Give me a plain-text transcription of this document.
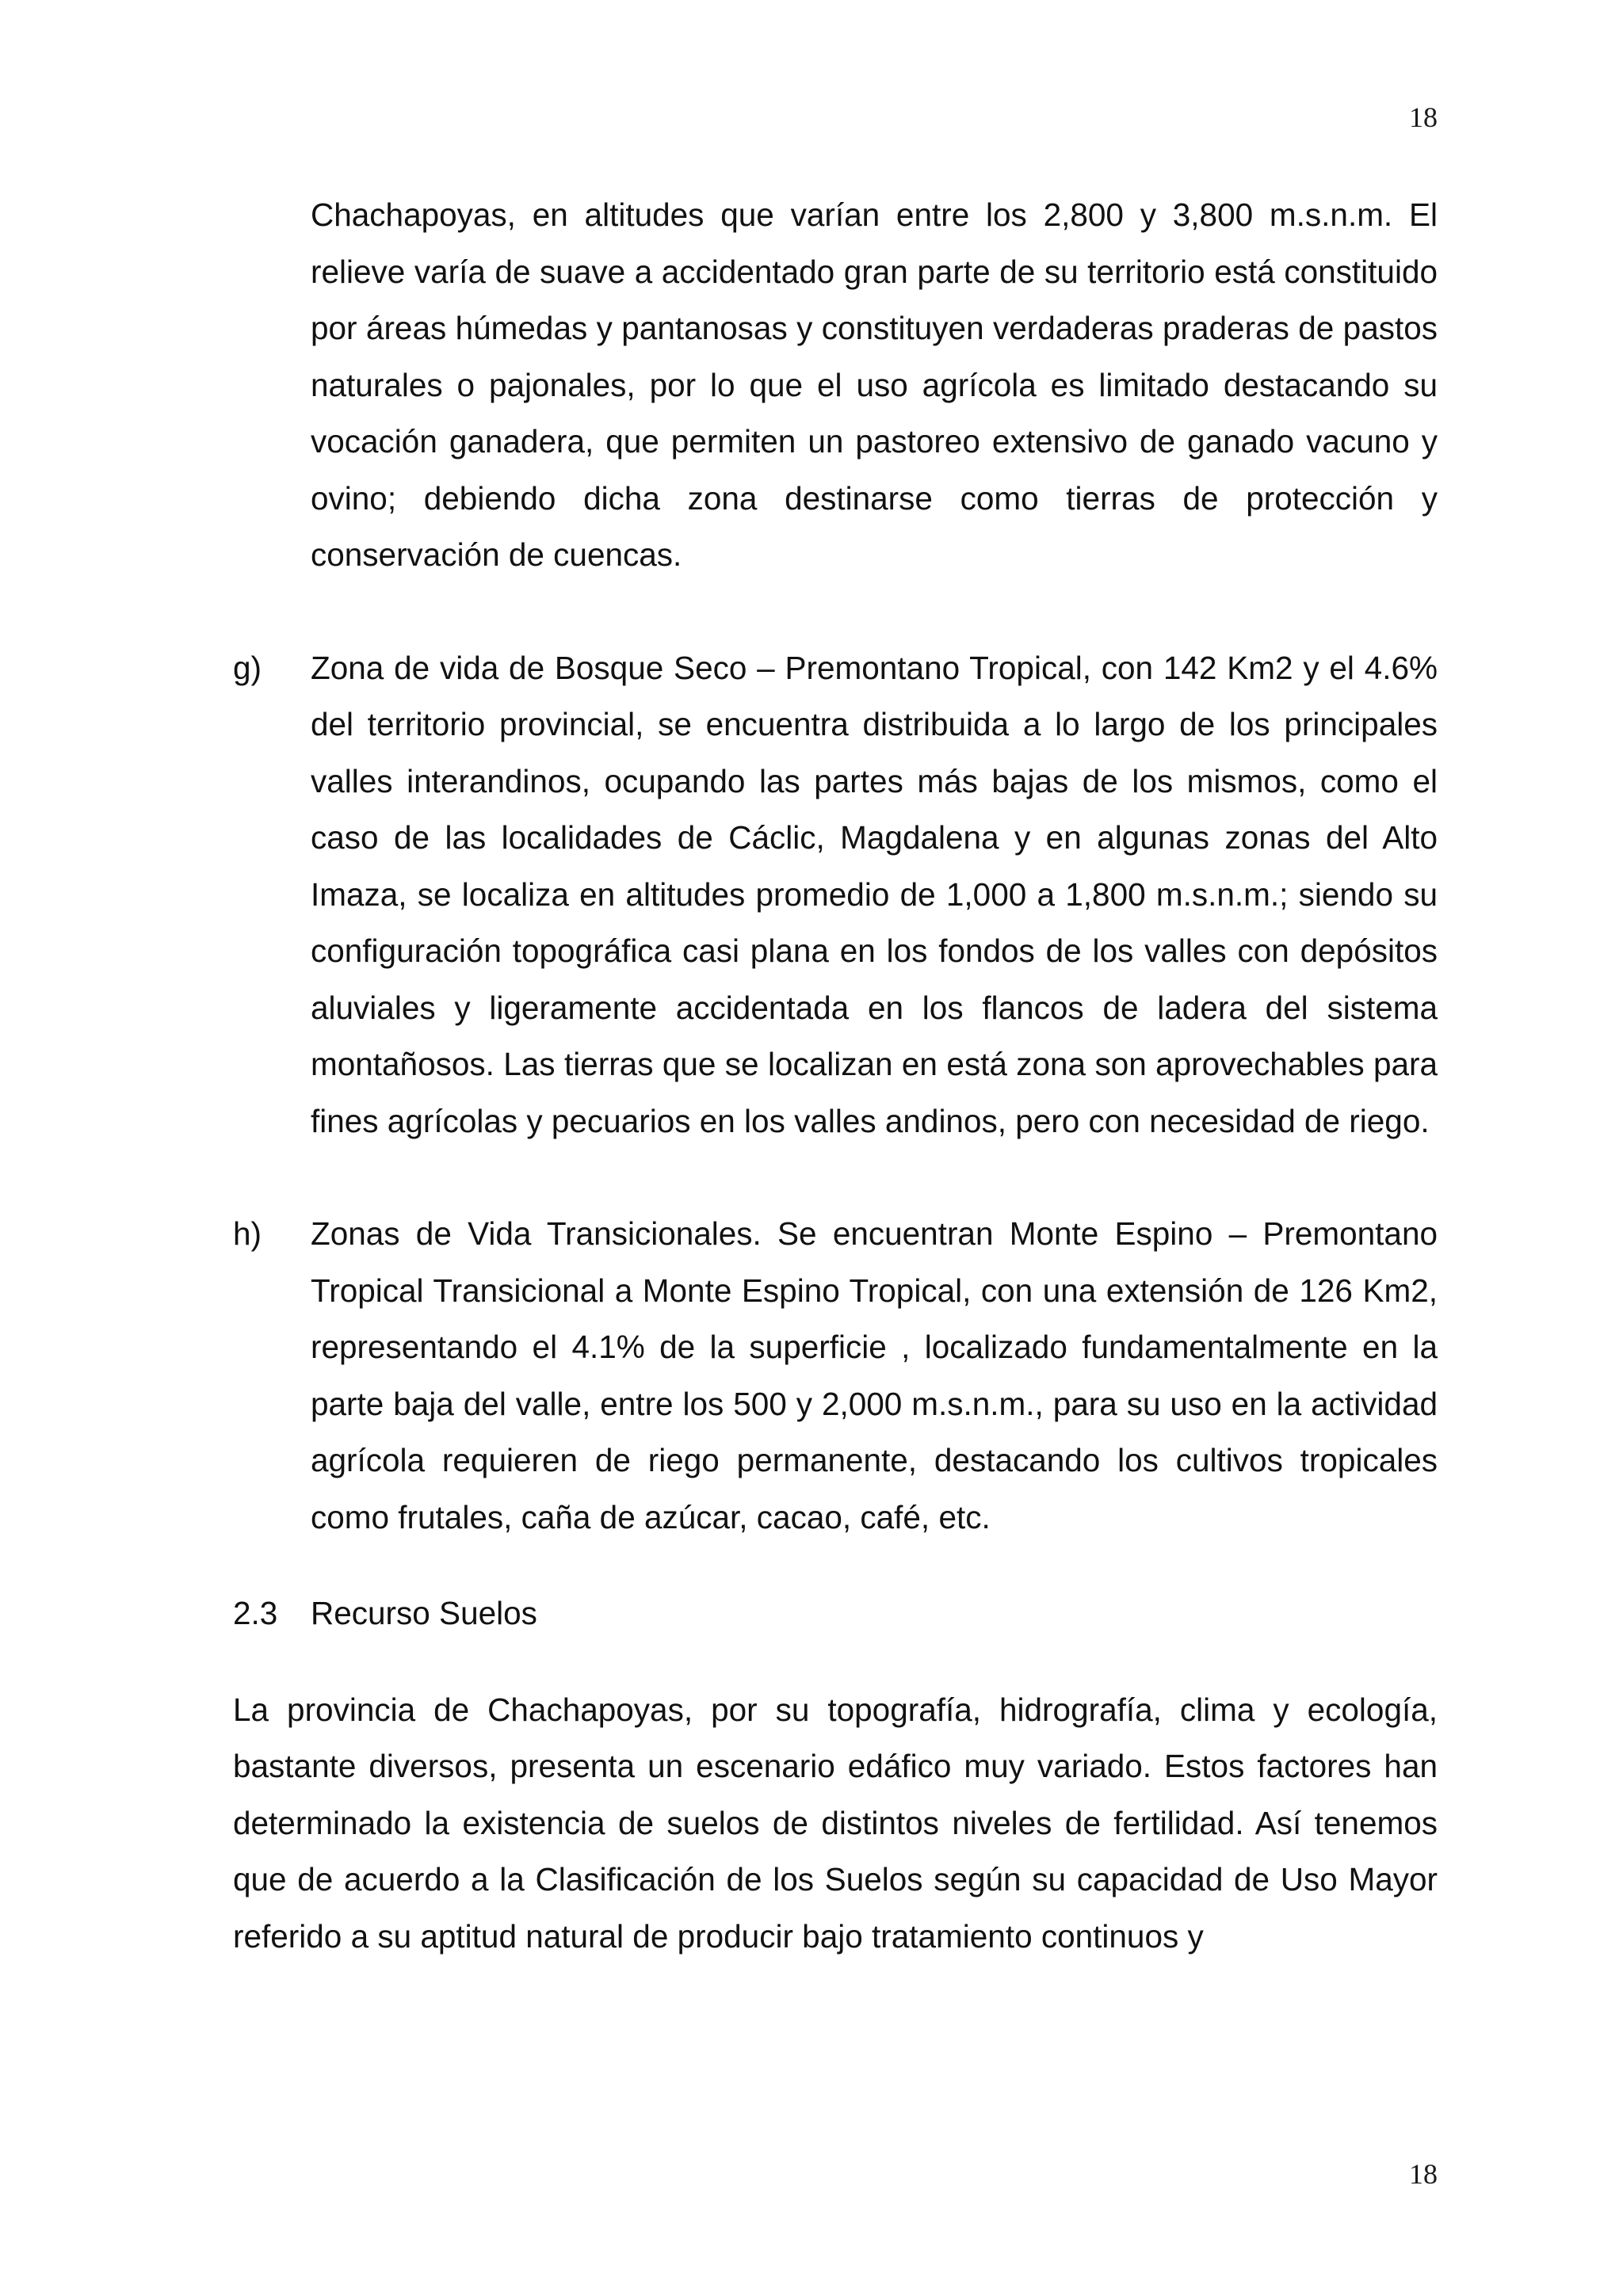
18

Chachapoyas, en altitudes que varían entre los 2,800 y 3,800 m.s.n.m. El relieve varía de suave a accidentado gran parte de su territorio está constituido por áreas húmedas y pantanosas y constituyen verdaderas praderas de pastos naturales o pajonales, por lo que el uso agrícola es limitado destacando su vocación ganadera, que permiten un pastoreo extensivo de ganado vacuno y ovino; debiendo dicha zona destinarse como tierras de protección y conservación de cuencas.

g)	Zona de vida de Bosque Seco – Premontano Tropical, con 142 Km2 y el 4.6% del territorio provincial, se encuentra distribuida a lo largo de los principales valles interandinos, ocupando las partes más bajas de los mismos, como el caso de las localidades de Cáclic, Magdalena y en algunas zonas del Alto Imaza, se localiza en altitudes promedio de 1,000 a 1,800 m.s.n.m.; siendo su configuración topográfica casi plana en los fondos de los valles con depósitos aluviales y ligeramente accidentada en los flancos de ladera del sistema montañosos. Las tierras que se localizan en está zona son aprovechables para fines agrícolas y pecuarios en los valles andinos, pero con necesidad de riego.

h)	Zonas de Vida Transicionales. Se encuentran Monte Espino – Premontano Tropical Transicional a Monte Espino Tropical, con una extensión de 126 Km2, representando el 4.1% de la superficie , localizado fundamentalmente en la parte baja del valle, entre los 500 y 2,000 m.s.n.m., para su uso en la actividad agrícola requieren de riego permanente, destacando los cultivos tropicales como frutales, caña de azúcar, cacao, café, etc.

2.3	Recurso Suelos

La provincia de Chachapoyas, por su topografía, hidrografía, clima y ecología, bastante diversos, presenta un escenario edáfico muy variado. Estos factores han determinado la existencia de suelos de distintos niveles de fertilidad. Así tenemos que de acuerdo a la Clasificación de los Suelos según su capacidad de Uso Mayor referido a su aptitud natural de producir bajo tratamiento continuos y

18
